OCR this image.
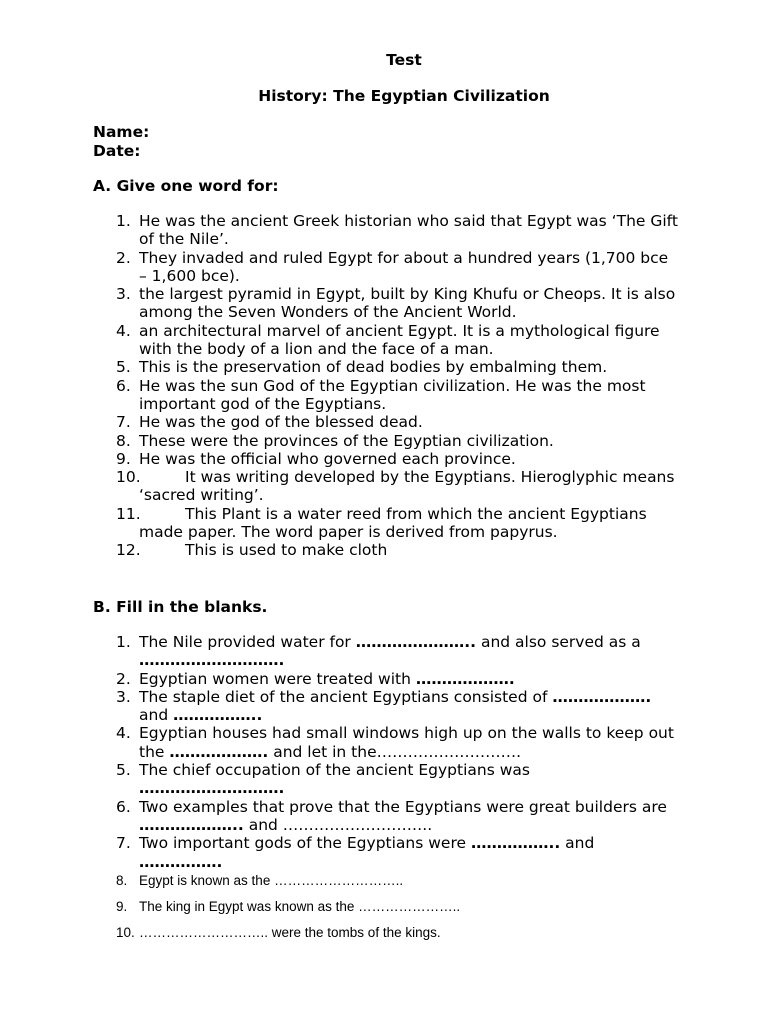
Test
History: The Egyptian Civilization
Name:
Date:
A. Give one word for:
1. He was the ancient Greek historian who said that Egypt was ‘The Gift of the Nile’.
2. They invaded and ruled Egypt for about a hundred years (1,700 bce – 1,600 bce).
3. the largest pyramid in Egypt, built by King Khufu or Cheops. It is also among the Seven Wonders of the Ancient World.
4. an architectural marvel of ancient Egypt. It is a mythological figure with the body of a lion and the face of a man.
5. This is the preservation of dead bodies by embalming them.
6. He was the sun God of the Egyptian civilization. He was the most important god of the Egyptians.
7. He was the god of the blessed dead.
8. These were the provinces of the Egyptian civilization.
9. He was the official who governed each province.
10.	It was writing developed by the Egyptians. Hieroglyphic means ‘sacred writing’.
11.	This Plant is a water reed from which the ancient Egyptians made paper. The word paper is derived from papyrus.
12.	This is used to make cloth
B. Fill in the blanks.
1. The Nile provided water for ………………….. and also served as a ……………………….
2. Egyptian women were treated with ……………….
3. The staple diet of the ancient Egyptians consisted of ………………. and ……………..
4. Egyptian houses had small windows high up on the walls to keep out the ………………. and let in the……………………….
5. The chief occupation of the ancient Egyptians was ……………………….
6. Two examples that prove that the Egyptians were great builders are ……………….. and ………………………..
7. Two important gods of the Egyptians were …………….. and …………….
8. Egypt is known as the ………………………..
9. The king in Egypt was known as the …………………..
10. ……………………….. were the tombs of the kings.
